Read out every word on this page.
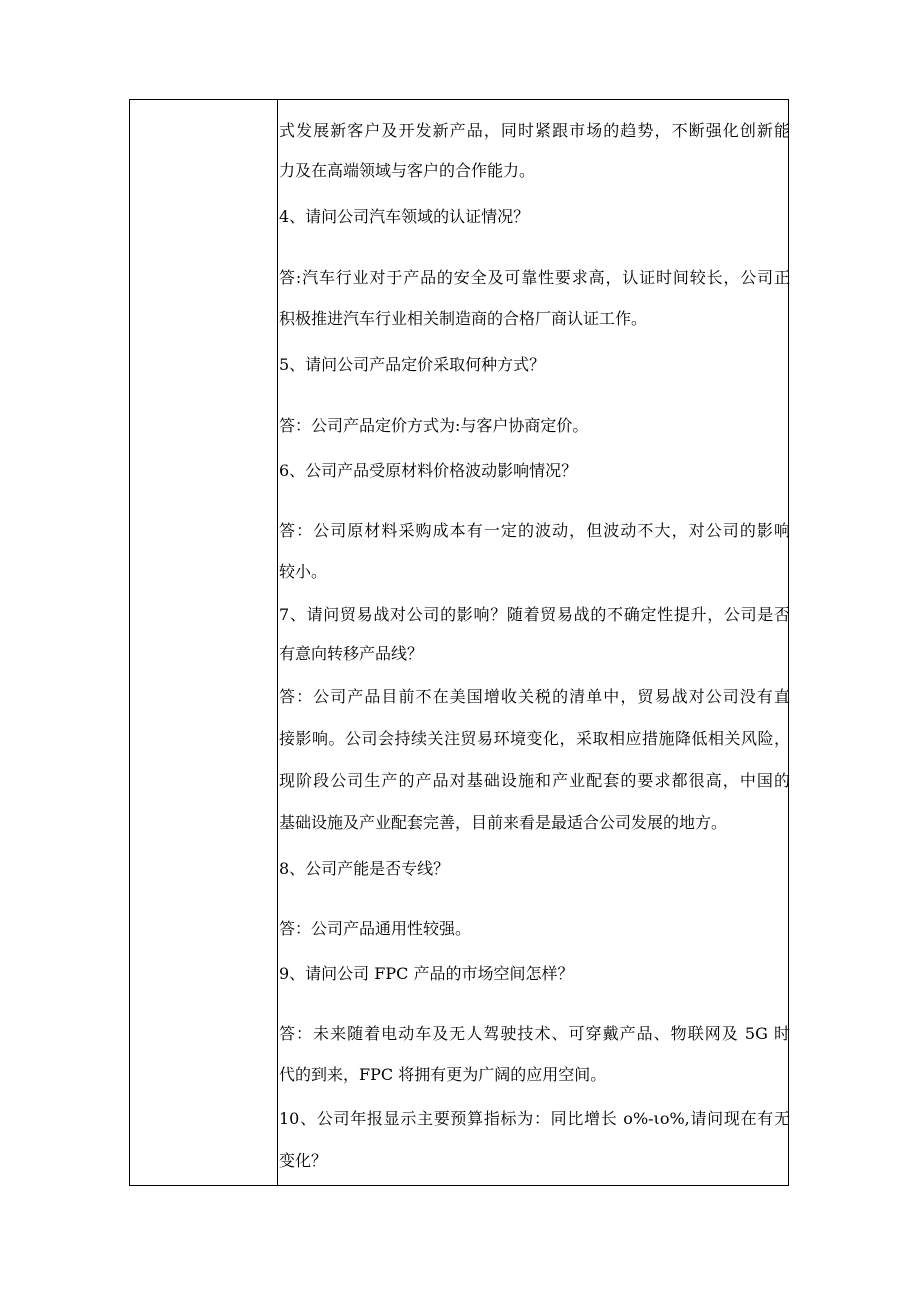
式发展新客户及开发新产品，同时紧跟市场的趋势，不断强化创新能
力及在高端领域与客户的合作能力。
4、请问公司汽车领域的认证情况？
答:汽车行业对于产品的安全及可靠性要求高，认证时间较长，公司正
积极推进汽车行业相关制造商的合格厂商认证工作。
5、请问公司产品定价采取何种方式？
答：公司产品定价方式为:与客户协商定价。
6、公司产品受原材料价格波动影响情况？
答：公司原材料采购成本有一定的波动，但波动不大，对公司的影响
较小。
7、请问贸易战对公司的影响？随着贸易战的不确定性提升，公司是否
有意向转移产品线？
答：公司产品目前不在美国增收关税的清单中，贸易战对公司没有直
接影响。公司会持续关注贸易环境变化，采取相应措施降低相关风险，
现阶段公司生产的产品对基础设施和产业配套的要求都很高，中国的
基础设施及产业配套完善，目前来看是最适合公司发展的地方。
8、公司产能是否专线？
答：公司产品通用性较强。
9、请问公司 FPC 产品的市场空间怎样？
答：未来随着电动车及无人驾驶技术、可穿戴产品、物联网及 5G 时
代的到来，FPC 将拥有更为广阔的应用空间。
10、公司年报显示主要预算指标为：同比增长 o%-ιo%,请问现在有无
变化？
